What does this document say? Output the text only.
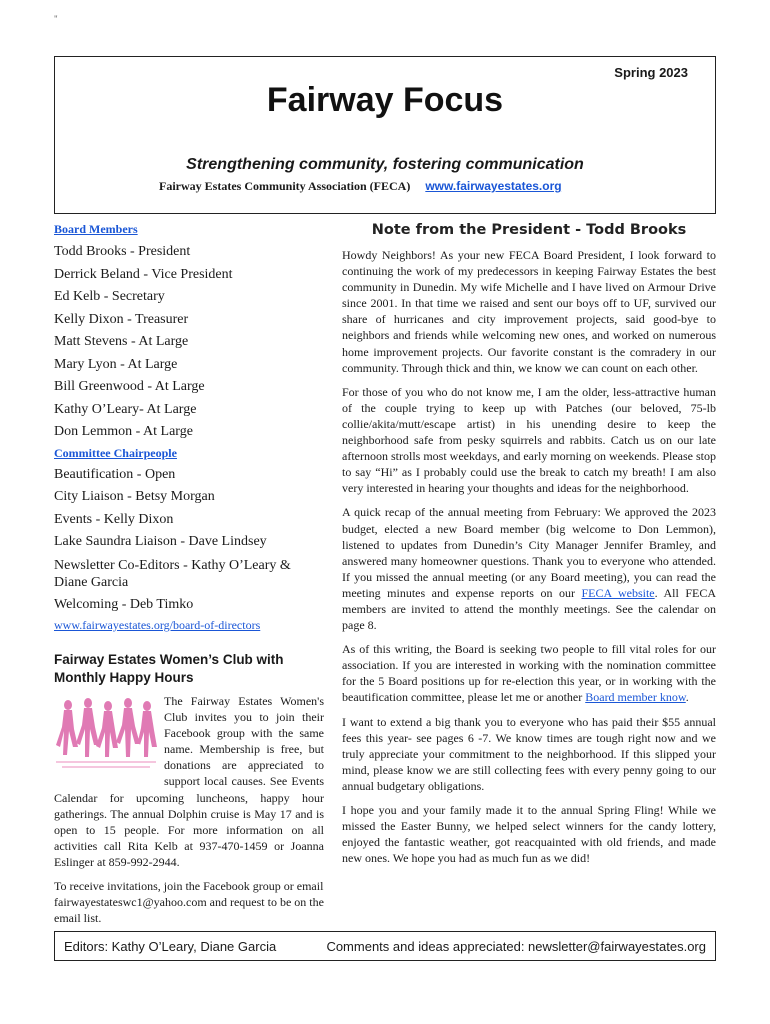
"
Spring 2023
Fairway Focus
Strengthening community, fostering communication
Fairway Estates Community Association (FECA) www.fairwayestates.org
Board Members
Todd Brooks - President
Derrick Beland - Vice President
Ed Kelb - Secretary
Kelly Dixon - Treasurer
Matt Stevens - At Large
Mary Lyon - At Large
Bill Greenwood - At Large
Kathy O’Leary- At Large
Don Lemmon - At Large
Committee Chairpeople
Beautification - Open
City Liaison - Betsy Morgan
Events - Kelly Dixon
Lake Saundra Liaison - Dave Lindsey
Newsletter Co-Editors - Kathy O’Leary & Diane Garcia
Welcoming - Deb Timko
www.fairwayestates.org/board-of-directors
Fairway Estates Women’s Club with Monthly Happy Hours
The Fairway Estates Women's Club invites you to join their Facebook group with the same name. Membership is free, but donations are appreciated to support local causes. See Events Calendar for upcoming luncheons, happy hour gatherings. The annual Dolphin cruise is May 17 and is open to 15 people. For more information on all activities call Rita Kelb at 937-470-1459 or Joanna Eslinger at 859-992-2944.
To receive invitations, join the Facebook group or email fairwayestateswc1@yahoo.com and request to be on the email list.
Note from the President - Todd Brooks

Howdy Neighbors! As your new FECA Board President, I look forward to continuing the work of my predecessors in keeping Fairway Estates the best community in Dunedin. My wife Michelle and I have lived on Armour Drive since 2001. In that time we raised and sent our boys off to UF, survived our share of hurricanes and city improvement projects, said good-bye to neighbors and friends while welcoming new ones, and worked on numerous home improvement projects. Our favorite constant is the comradery in our community. Through thick and thin, we know we can count on each other.

For those of you who do not know me, I am the older, less-attractive human of the couple trying to keep up with Patches (our beloved, 75-lb collie/akita/mutt/escape artist) in his unending desire to keep the neighborhood safe from pesky squirrels and rabbits. Catch us on our late afternoon strolls most weekdays, and early morning on weekends. Please stop to say “Hi” as I probably could use the break to catch my breath! I am also very interested in hearing your thoughts and ideas for the neighborhood.

A quick recap of the annual meeting from February: We approved the 2023 budget, elected a new Board member (big welcome to Don Lemmon), listened to updates from Dunedin’s City Manager Jennifer Bramley, and answered many homeowner questions. Thank you to everyone who attended. If you missed the annual meeting (or any Board meeting), you can read the meeting minutes and expense reports on our FECA website. All FECA members are invited to attend the monthly meetings. See the calendar on page 8.

As of this writing, the Board is seeking two people to fill vital roles for our association. If you are interested in working with the nomination committee for the 5 Board positions up for re-election this year, or in working with the beautification committee, please let me or another Board member know.

I want to extend a big thank you to everyone who has paid their $55 annual fees this year- see pages 6 -7. We know times are tough right now and we truly appreciate your commitment to the neighborhood. If this slipped your mind, please know we are still collecting fees with every penny going to our annual budgetary obligations.

I hope you and your family made it to the annual Spring Fling! While we missed the Easter Bunny, we helped select winners for the candy lottery, enjoyed the fantastic weather, got reacquainted with old friends, and made new ones. We hope you had as much fun as we did!

Editors: Kathy O’Leary, Diane Garcia	Comments and ideas appreciated: newsletter@fairwayestates.org
